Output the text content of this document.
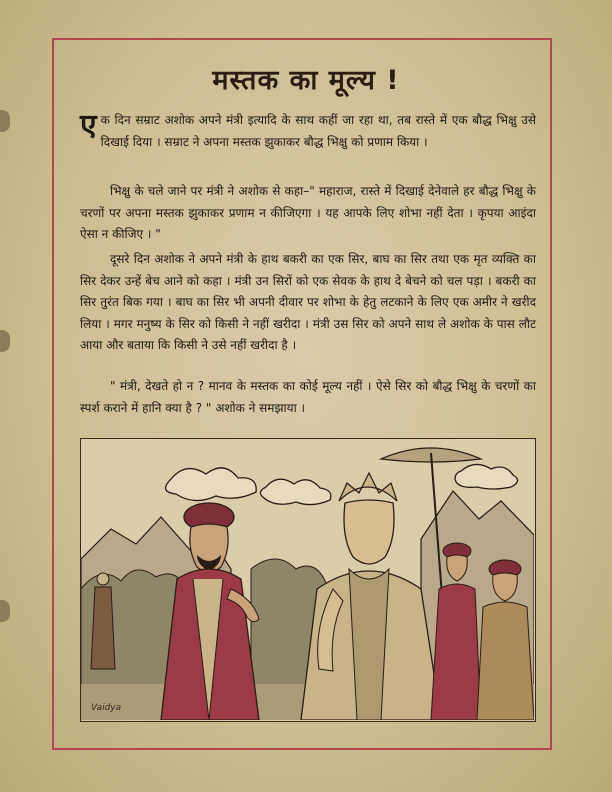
मस्तक का मूल्य !

एक दिन सम्राट अशोक अपने मंत्री इत्यादि के साथ कहीं जा रहा था, तब रास्ते में एक बौद्ध भिक्षु उसे दिखाई दिया । सम्राट ने अपना मस्तक झुकाकर बौद्ध भिक्षु को प्रणाम किया ।

भिक्षु के चले जाने पर मंत्री ने अशोक से कहा–" महाराज, रास्ते में दिखाई देनेवाले हर बौद्ध भिक्षु के चरणों पर अपना मस्तक झुकाकर प्रणाम न कीजिएगा । यह आपके लिए शोभा नहीं देता । कृपया आइंदा ऐसा न कीजिए । "

दूसरे दिन अशोक ने अपने मंत्री के हाथ बकरी का एक सिर, बाघ का सिर तथा एक मृत व्यक्ति का सिर देकर उन्हें बेच आने को कहा । मंत्री उन सिरों को एक सेवक के हाथ दे बेचने को चल पड़ा । बकरी का सिर तुरंत बिक गया । बाघ का सिर भी अपनी दीवार पर शोभा के हेतु लटकाने के लिए एक अमीर ने खरीद लिया । मगर मनुष्य के सिर को किसी ने नहीं खरीदा । मंत्री उस सिर को अपने साथ ले अशोक के पास लौट आया और बताया कि किसी ने उसे नहीं खरीदा है ।

" मंत्री, देखते हो न ? मानव के मस्तक का कोई मूल्य नहीं । ऐसे सिर को बौद्ध भिक्षु के चरणों का स्पर्श कराने में हानि क्या है ? " अशोक ने समझाया ।

Vaidya
